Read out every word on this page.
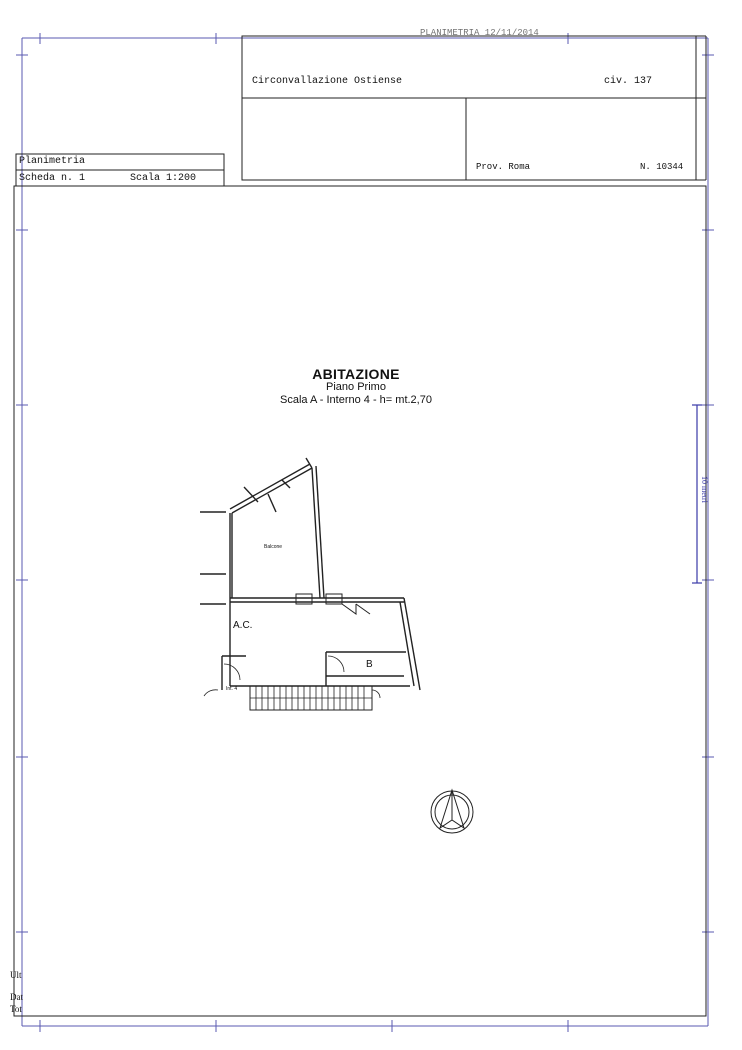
PLANIMETRIA 12/11/2014
Circonvallazione Ostiense	civ. 137
Prov. Roma	N. 10344
Planimetria
Scheda n. 1	Scala 1:200
ABITAZIONE
Piano Primo
Scala A - Interno 4 - h= mt.2,70
Balcone
A.C.
B
Int. 4
10 metri
Ult
Dat
Tot
